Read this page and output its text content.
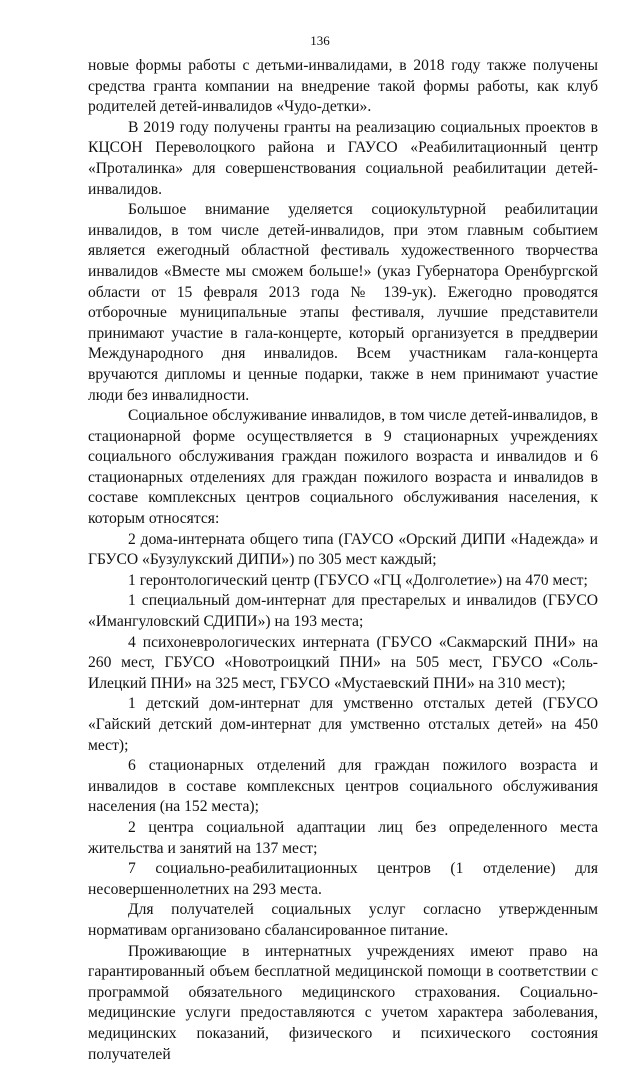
136

новые формы работы с детьми-инвалидами, в 2018 году также получены средства гранта компании на внедрение такой формы работы, как клуб родителей детей-инвалидов «Чудо-детки».

В 2019 году получены гранты на реализацию социальных проектов в КЦСОН Переволоцкого района и ГАУСО «Реабилитационный центр «Проталинка» для совершенствования социальной реабилитации детей-инвалидов.

Большое внимание уделяется социокультурной реабилитации инвалидов, в том числе детей-инвалидов, при этом главным событием является ежегодный областной фестиваль художественного творчества инвалидов «Вместе мы сможем больше!» (указ Губернатора Оренбургской области от 15 февраля 2013 года № 139-ук). Ежегодно проводятся отборочные муниципальные этапы фестиваля, лучшие представители принимают участие в гала-концерте, который организуется в преддверии Международного дня инвалидов. Всем участникам гала-концерта вручаются дипломы и ценные подарки, также в нем принимают участие люди без инвалидности.

Социальное обслуживание инвалидов, в том числе детей-инвалидов, в стационарной форме осуществляется в 9 стационарных учреждениях социального обслуживания граждан пожилого возраста и инвалидов и 6 стационарных отделениях для граждан пожилого возраста и инвалидов в составе комплексных центров социального обслуживания населения, к которым относятся:

2 дома-интерната общего типа (ГАУСО «Орский ДИПИ «Надежда» и ГБУСО «Бузулукский ДИПИ») по 305 мест каждый;

1 геронтологический центр (ГБУСО «ГЦ «Долголетие») на 470 мест;

1 специальный дом-интернат для престарелых и инвалидов (ГБУСО «Имангуловский СДИПИ») на 193 места;

4 психоневрологических интерната (ГБУСО «Сакмарский ПНИ» на 260 мест, ГБУСО «Новотроицкий ПНИ» на 505 мест, ГБУСО «Соль-Илецкий ПНИ» на 325 мест, ГБУСО «Мустаевский ПНИ» на 310 мест);

1 детский дом-интернат для умственно отсталых детей (ГБУСО «Гайский детский дом-интернат для умственно отсталых детей» на 450 мест);

6 стационарных отделений для граждан пожилого возраста и инвалидов в составе комплексных центров социального обслуживания населения (на 152 места);

2 центра социальной адаптации лиц без определенного места жительства и занятий на 137 мест;

7 социально-реабилитационных центров (1 отделение) для несовершеннолетних на 293 места.

Для получателей социальных услуг согласно утвержденным нормативам организовано сбалансированное питание.

Проживающие в интернатных учреждениях имеют право на гарантированный объем бесплатной медицинской помощи в соответствии с программой обязательного медицинского страхования. Социально-медицинские услуги предоставляются с учетом характера заболевания, медицинских показаний, физического и психического состояния получателей
